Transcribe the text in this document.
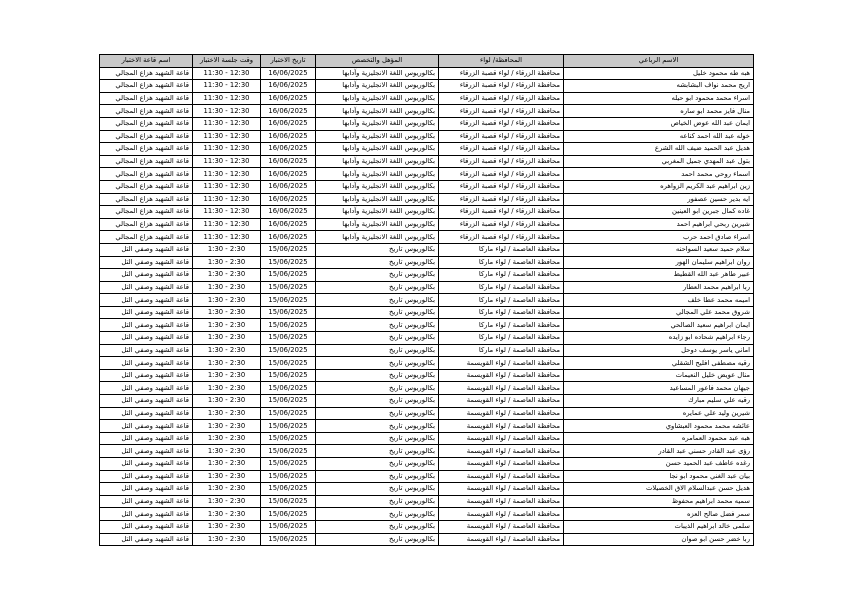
الاسم الرباعي	المحافظة/ لواء	المؤهل والتخصص	تاريخ الاختبار	وقت جلسة الاختبار	اسم قاعة الاختبار
هبه طه محمود خليل	محافظة الزرقاء / لواء قصبة الزرقاء	بكالوريوس اللغة الانجليزية وآدابها	16/06/2025	12:30 - 11:30	قاعة الشهيد هزاع المجالي
اريج محمد نواف البشابشه	محافظة الزرقاء / لواء قصبة الزرقاء	بكالوريوس اللغة الانجليزية وآدابها	16/06/2025	12:30 - 11:30	قاعة الشهيد هزاع المجالي
اسراء محمد محمود ابو حيله	محافظة الزرقاء / لواء قصبة الزرقاء	بكالوريوس اللغة الانجليزية وآدابها	16/06/2025	12:30 - 11:30	قاعة الشهيد هزاع المجالي
منال فايز محمد ابو ساره	محافظة الزرقاء / لواء قصبة الزرقاء	بكالوريوس اللغة الانجليزية وآدابها	16/06/2025	12:30 - 11:30	قاعة الشهيد هزاع المجالي
ايمان عبد الله عوض الخياص	محافظة الزرقاء / لواء قصبة الزرقاء	بكالوريوس اللغة الانجليزية وآدابها	16/06/2025	12:30 - 11:30	قاعة الشهيد هزاع المجالي
خوله عبد الله احمد كناعه	محافظة الزرقاء / لواء قصبة الزرقاء	بكالوريوس اللغة الانجليزية وآدابها	16/06/2025	12:30 - 11:30	قاعة الشهيد هزاع المجالي
هديل عبد الحميد ضيف الله الشرع	محافظة الزرقاء / لواء قصبة الزرقاء	بكالوريوس اللغة الانجليزية وآدابها	16/06/2025	12:30 - 11:30	قاعة الشهيد هزاع المجالي
بتول عبد المهدي جميل المغربي	محافظة الزرقاء / لواء قصبة الزرقاء	بكالوريوس اللغة الانجليزية وآدابها	16/06/2025	12:30 - 11:30	قاعة الشهيد هزاع المجالي
اسماء روحي محمد احمد	محافظة الزرقاء / لواء قصبة الزرقاء	بكالوريوس اللغة الانجليزية وآدابها	16/06/2025	12:30 - 11:30	قاعة الشهيد هزاع المجالي
زين ابراهيم عبد الكريم الزواهره	محافظة الزرقاء / لواء قصبة الزرقاء	بكالوريوس اللغة الانجليزية وآدابها	16/06/2025	12:30 - 11:30	قاعة الشهيد هزاع المجالي
ايه بدير حسين عصفور	محافظة الزرقاء / لواء قصبة الزرقاء	بكالوريوس اللغة الانجليزية وآدابها	16/06/2025	12:30 - 11:30	قاعة الشهيد هزاع المجالي
غاده كمال جبرين ابو العينين	محافظة الزرقاء / لواء قصبة الزرقاء	بكالوريوس اللغة الانجليزية وآدابها	16/06/2025	12:30 - 11:30	قاعة الشهيد هزاع المجالي
شيرين ربحي ابراهيم احمد	محافظة الزرقاء / لواء قصبة الزرقاء	بكالوريوس اللغة الانجليزية وآدابها	16/06/2025	12:30 - 11:30	قاعة الشهيد هزاع المجالي
اسراء صادق احمد حرب	محافظة الزرقاء / لواء قصبة الزرقاء	بكالوريوس اللغة الانجليزية وآدابها	16/06/2025	12:30 - 11:30	قاعة الشهيد هزاع المجالي
سلام حميد سعيد السواحنه	محافظة العاصمة / لواء ماركا	بكالوريوس تاريخ	15/06/2025	2:30 - 1:30	قاعة الشهيد وصفي التل
روان ابراهيم سليمان الهور	محافظة العاصمة / لواء ماركا	بكالوريوس تاريخ	15/06/2025	2:30 - 1:30	قاعة الشهيد وصفي التل
عبير طاهر عبد الله القطيط	محافظة العاصمة / لواء ماركا	بكالوريوس تاريخ	15/06/2025	2:30 - 1:30	قاعة الشهيد وصفي التل
ربا ابراهيم محمد العطار	محافظة العاصمة / لواء ماركا	بكالوريوس تاريخ	15/06/2025	2:30 - 1:30	قاعة الشهيد وصفي التل
اميمه محمد عطا خلف	محافظة العاصمة / لواء ماركا	بكالوريوس تاريخ	15/06/2025	2:30 - 1:30	قاعة الشهيد وصفي التل
شروق محمد علي المجالي	محافظة العاصمة / لواء ماركا	بكالوريوس تاريخ	15/06/2025	2:30 - 1:30	قاعة الشهيد وصفي التل
ايمان ابراهيم سعيد الصالحي	محافظة العاصمة / لواء ماركا	بكالوريوس تاريخ	15/06/2025	2:30 - 1:30	قاعة الشهيد وصفي التل
رجاء ابراهيم شحاده ابو زايده	محافظة العاصمة / لواء ماركا	بكالوريوس تاريخ	15/06/2025	2:30 - 1:30	قاعة الشهيد وصفي التل
اماني ياسر يوسف دوحل	محافظة العاصمة / لواء ماركا	بكالوريوس تاريخ	15/06/2025	2:30 - 1:30	قاعة الشهيد وصفي التل
رقيه مصطفى افليح الشقلي	محافظة العاصمة / لواء القويسمة	بكالوريوس تاريخ	15/06/2025	2:30 - 1:30	قاعة الشهيد وصفي التل
منال عويض خليل النعيمات	محافظة العاصمة / لواء القويسمة	بكالوريوس تاريخ	15/06/2025	2:30 - 1:30	قاعة الشهيد وصفي التل
جيهان محمد فاعور المساعيد	محافظة العاصمة / لواء القويسمة	بكالوريوس تاريخ	15/06/2025	2:30 - 1:30	قاعة الشهيد وصفي التل
رقيه علي سليم مبارك	محافظة العاصمة / لواء القويسمة	بكالوريوس تاريخ	15/06/2025	2:30 - 1:30	قاعة الشهيد وصفي التل
شيرين وليد علي عمايره	محافظة العاصمة / لواء القويسمة	بكالوريوس تاريخ	15/06/2025	2:30 - 1:30	قاعة الشهيد وصفي التل
عائشه محمد محمود العبشاوي	محافظة العاصمة / لواء القويسمة	بكالوريوس تاريخ	15/06/2025	2:30 - 1:30	قاعة الشهيد وصفي التل
هبه عبد محمود العمامره	محافظة العاصمة / لواء القويسمة	بكالوريوس تاريخ	15/06/2025	2:30 - 1:30	قاعة الشهيد وصفي التل
رؤى عبد القادر حسني عبد القادر	محافظة العاصمة / لواء القويسمة	بكالوريوس تاريخ	15/06/2025	2:30 - 1:30	قاعة الشهيد وصفي التل
رغده عاطف عبد الحميد حسن	محافظة العاصمة / لواء القويسمة	بكالوريوس تاريخ	15/06/2025	2:30 - 1:30	قاعة الشهيد وصفي التل
بيان عبد الغني محمود ابو نجا	محافظة العاصمة / لواء القويسمة	بكالوريوس تاريخ	15/06/2025	2:30 - 1:30	قاعة الشهيد وصفي التل
هديل حسن عبدالسلام الاق الخصيلات	محافظة العاصمة / لواء القويسمة	بكالوريوس تاريخ	15/06/2025	2:30 - 1:30	قاعة الشهيد وصفي التل
سميه محمد ابراهيم محفوظ	محافظة العاصمة / لواء القويسمة	بكالوريوس تاريخ	15/06/2025	2:30 - 1:30	قاعة الشهيد وصفي التل
سمر فضل صالح العزه	محافظة العاصمة / لواء القويسمة	بكالوريوس تاريخ	15/06/2025	2:30 - 1:30	قاعة الشهيد وصفي التل
سلمى خالد ابراهيم الذيبات	محافظة العاصمة / لواء القويسمة	بكالوريوس تاريخ	15/06/2025	2:30 - 1:30	قاعة الشهيد وصفي التل
ربا خضر حسن ابو صوان	محافظة العاصمة / لواء القويسمة	بكالوريوس تاريخ	15/06/2025	2:30 - 1:30	قاعة الشهيد وصفي التل
